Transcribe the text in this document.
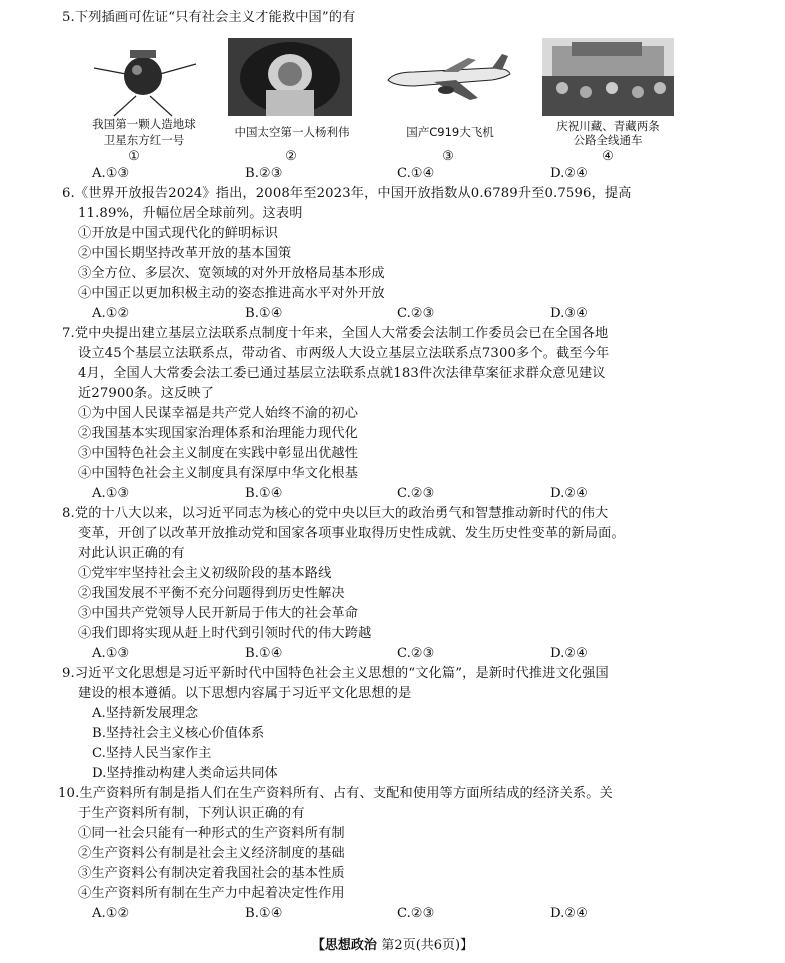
5.下列插画可佐证“只有社会主义才能救中国”的有
我国第一颗人造地球
卫星东方红一号
①
中国太空第一人杨利伟
②
国产C919大飞机
③
庆祝川藏、青藏两条
公路全线通车
④
A.①③	B.②③	C.①④	D.②④
6.《世界开放报告2024》指出，2008年至2023年，中国开放指数从0.6789升至0.7596，提高
11.89%，升幅位居全球前列。这表明
①开放是中国式现代化的鲜明标识
②中国长期坚持改革开放的基本国策
③全方位、多层次、宽领域的对外开放格局基本形成
④中国正以更加积极主动的姿态推进高水平对外开放
A.①②	B.①④	C.②③	D.③④
7.党中央提出建立基层立法联系点制度十年来，全国人大常委会法制工作委员会已在全国各地
设立45个基层立法联系点，带动省、市两级人大设立基层立法联系点7300多个。截至今年
4月，全国人大常委会法工委已通过基层立法联系点就183件次法律草案征求群众意见建议
近27900条。这反映了
①为中国人民谋幸福是共产党人始终不渝的初心
②我国基本实现国家治理体系和治理能力现代化
③中国特色社会主义制度在实践中彰显出优越性
④中国特色社会主义制度具有深厚中华文化根基
A.①③	B.①④	C.②③	D.②④
8.党的十八大以来，以习近平同志为核心的党中央以巨大的政治勇气和智慧推动新时代的伟大
变革，开创了以改革开放推动党和国家各项事业取得历史性成就、发生历史性变革的新局面。
对此认识正确的有
①党牢牢坚持社会主义初级阶段的基本路线
②我国发展不平衡不充分问题得到历史性解决
③中国共产党领导人民开新局于伟大的社会革命
④我们即将实现从赶上时代到引领时代的伟大跨越
A.①③	B.①④	C.②③	D.②④
9.习近平文化思想是习近平新时代中国特色社会主义思想的“文化篇”，是新时代推进文化强国
建设的根本遵循。以下思想内容属于习近平文化思想的是
A.坚持新发展理念
B.坚持社会主义核心价值体系
C.坚持人民当家作主
D.坚持推动构建人类命运共同体
10.生产资料所有制是指人们在生产资料所有、占有、支配和使用等方面所结成的经济关系。关
于生产资料所有制，下列认识正确的有
①同一社会只能有一种形式的生产资料所有制
②生产资料公有制是社会主义经济制度的基础
③生产资料公有制决定着我国社会的基本性质
④生产资料所有制在生产力中起着决定性作用
A.①②	B.①④	C.②③	D.②④
【思想政治 第2页(共6页)】
